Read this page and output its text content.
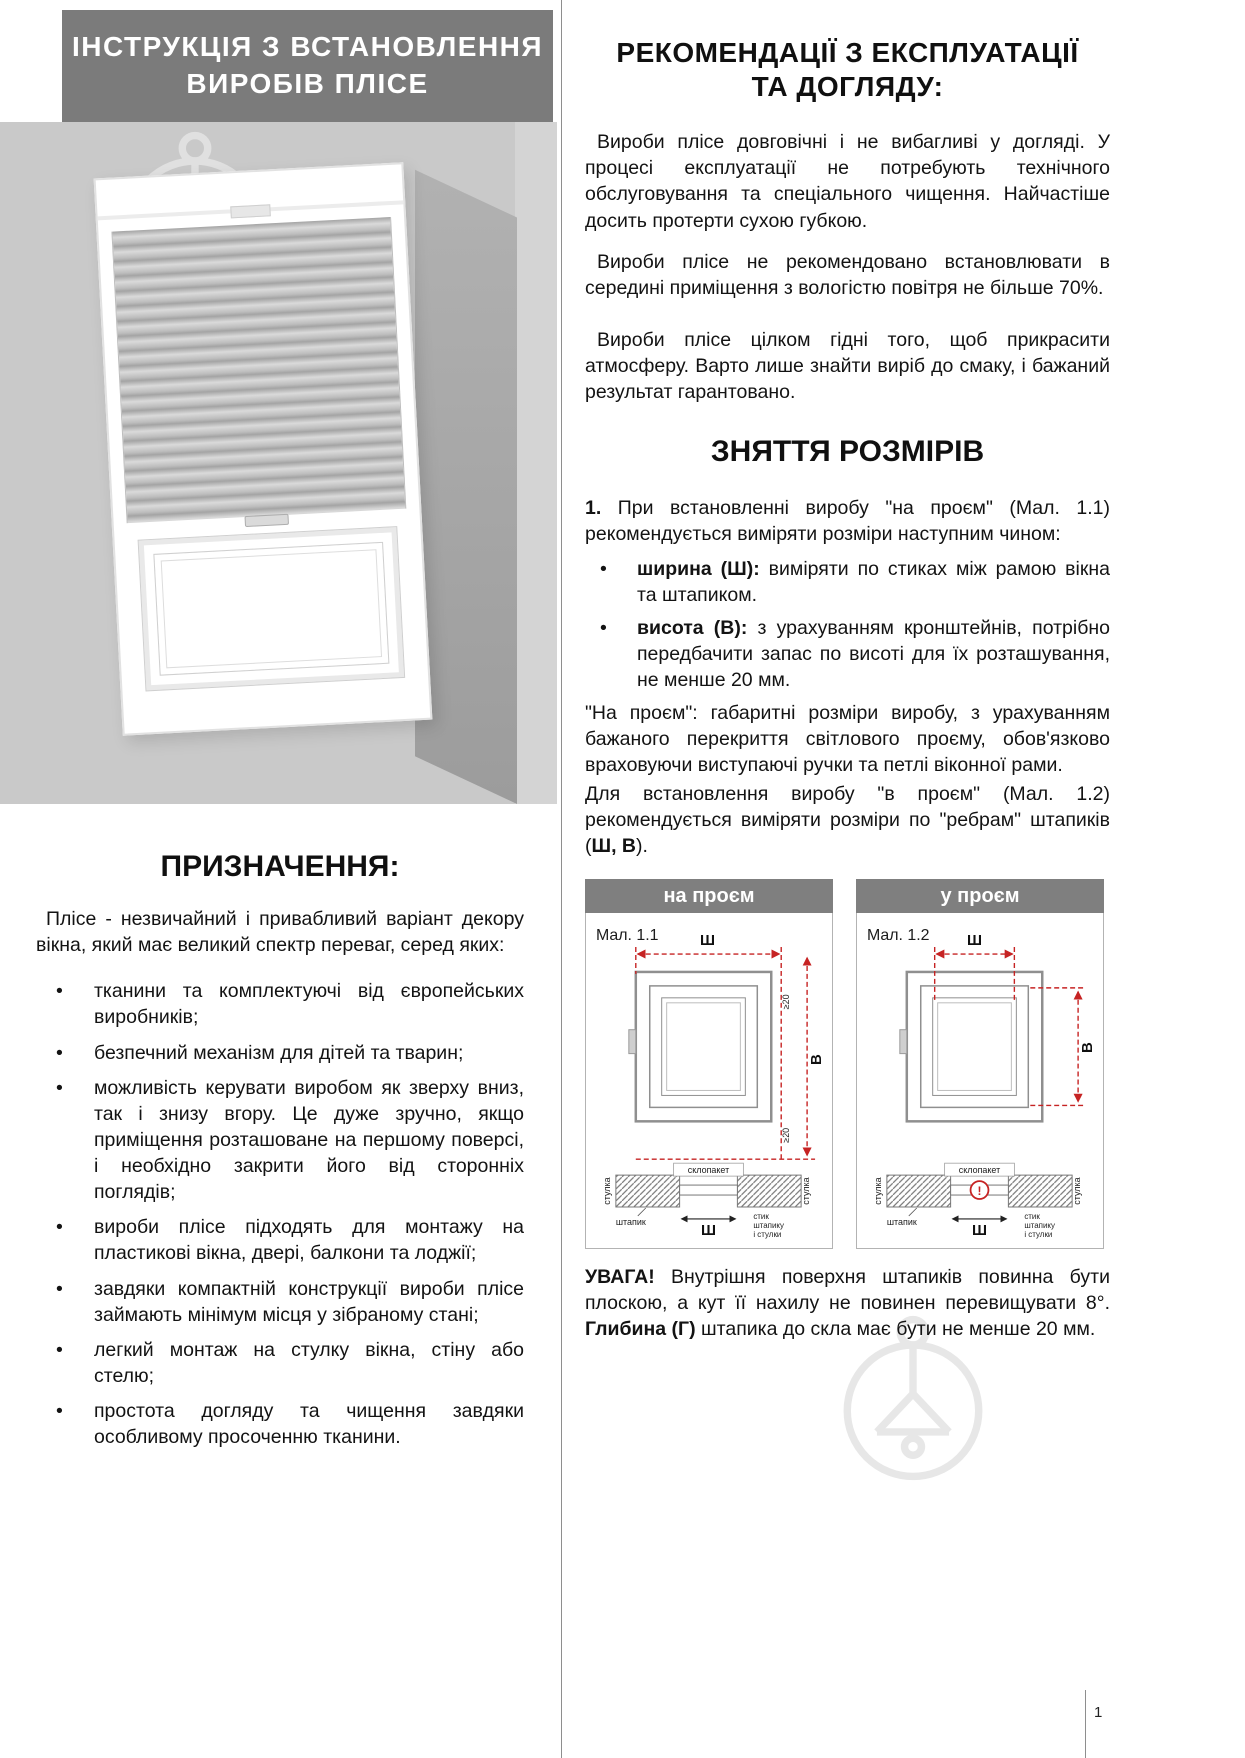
ІНСТРУКЦІЯ З ВСТАНОВЛЕННЯ
ВИРОБІВ ПЛІСЕ
ПРИЗНАЧЕННЯ:

Плісе - незвичайний і привабливий варіант декору вікна, який має великий спектр переваг, серед яких:

• тканини та комплектуючі від європейських виробників;
• безпечний механізм для дітей та тварин;
• можливість керувати виробом як зверху вниз, так і знизу вгору. Це дуже зручно, якщо приміщення розташоване на першому поверсі, і необхідно закрити його від сторонніх поглядів;
• вироби плісе підходять для монтажу на пластикові вікна, двері, балкони та лоджії;
• завдяки компактній конструкції вироби плісе займають мінімум місця у зібраному стані;
• легкий монтаж на стулку вікна, стіну або стелю;
• простота догляду та чищення завдяки особливому просоченню тканини.
РЕКОМЕНДАЦІЇ З ЕКСПЛУАТАЦІЇ
ТА ДОГЛЯДУ:

Вироби плісе довговічні і не вибагливі у догляді. У процесі експлуатації не потребують технічного обслуговування та спеціального чищення. Найчастіше досить протерти сухою губкою.

Вироби плісе не рекомендовано встановлювати в середині приміщення з вологістю повітря не більше 70%.

Вироби плісе цілком гідні того, щоб прикрасити атмосферу. Варто лише знайти виріб до смаку, і бажаний результат гарантовано.

ЗНЯТТЯ РОЗМІРІВ

1. При встановленні виробу "на проєм" (Мал. 1.1) рекомендується виміряти розміри наступним чином:

• ширина (Ш): виміряти по стиках між рамою вікна та штапиком.
• висота (В): з урахуванням кронштейнів, потрібно передбачити запас по висоті для їх розташування, не менше 20 мм.

"На проєм": габаритні розміри виробу, з урахуванням бажаного перекриття світлового проєму, обов'язково враховуючи виступаючі ручки та петлі віконної рами.

Для встановлення виробу "в проєм" (Мал. 1.2) рекомендується виміряти розміри по "ребрам" штапиків (Ш, В).

на проєм
Мал. 1.1
≥20
≥20
Ш
В
склопакет
стулка	стулка
штапик	Ш
стик
штапику
і стулки
у проєм
Мал. 1.2 Ш
В
склопакет
!
стулка	стулка
штапик	Ш
стик
штапику
і стулки

УВАГА! Внутрішня поверхня штапиків повинна бути плоскою, а кут її нахилу не повинен перевищувати 8°. Глибина (Г) штапика до скла має бути не менше 20 мм.

1
